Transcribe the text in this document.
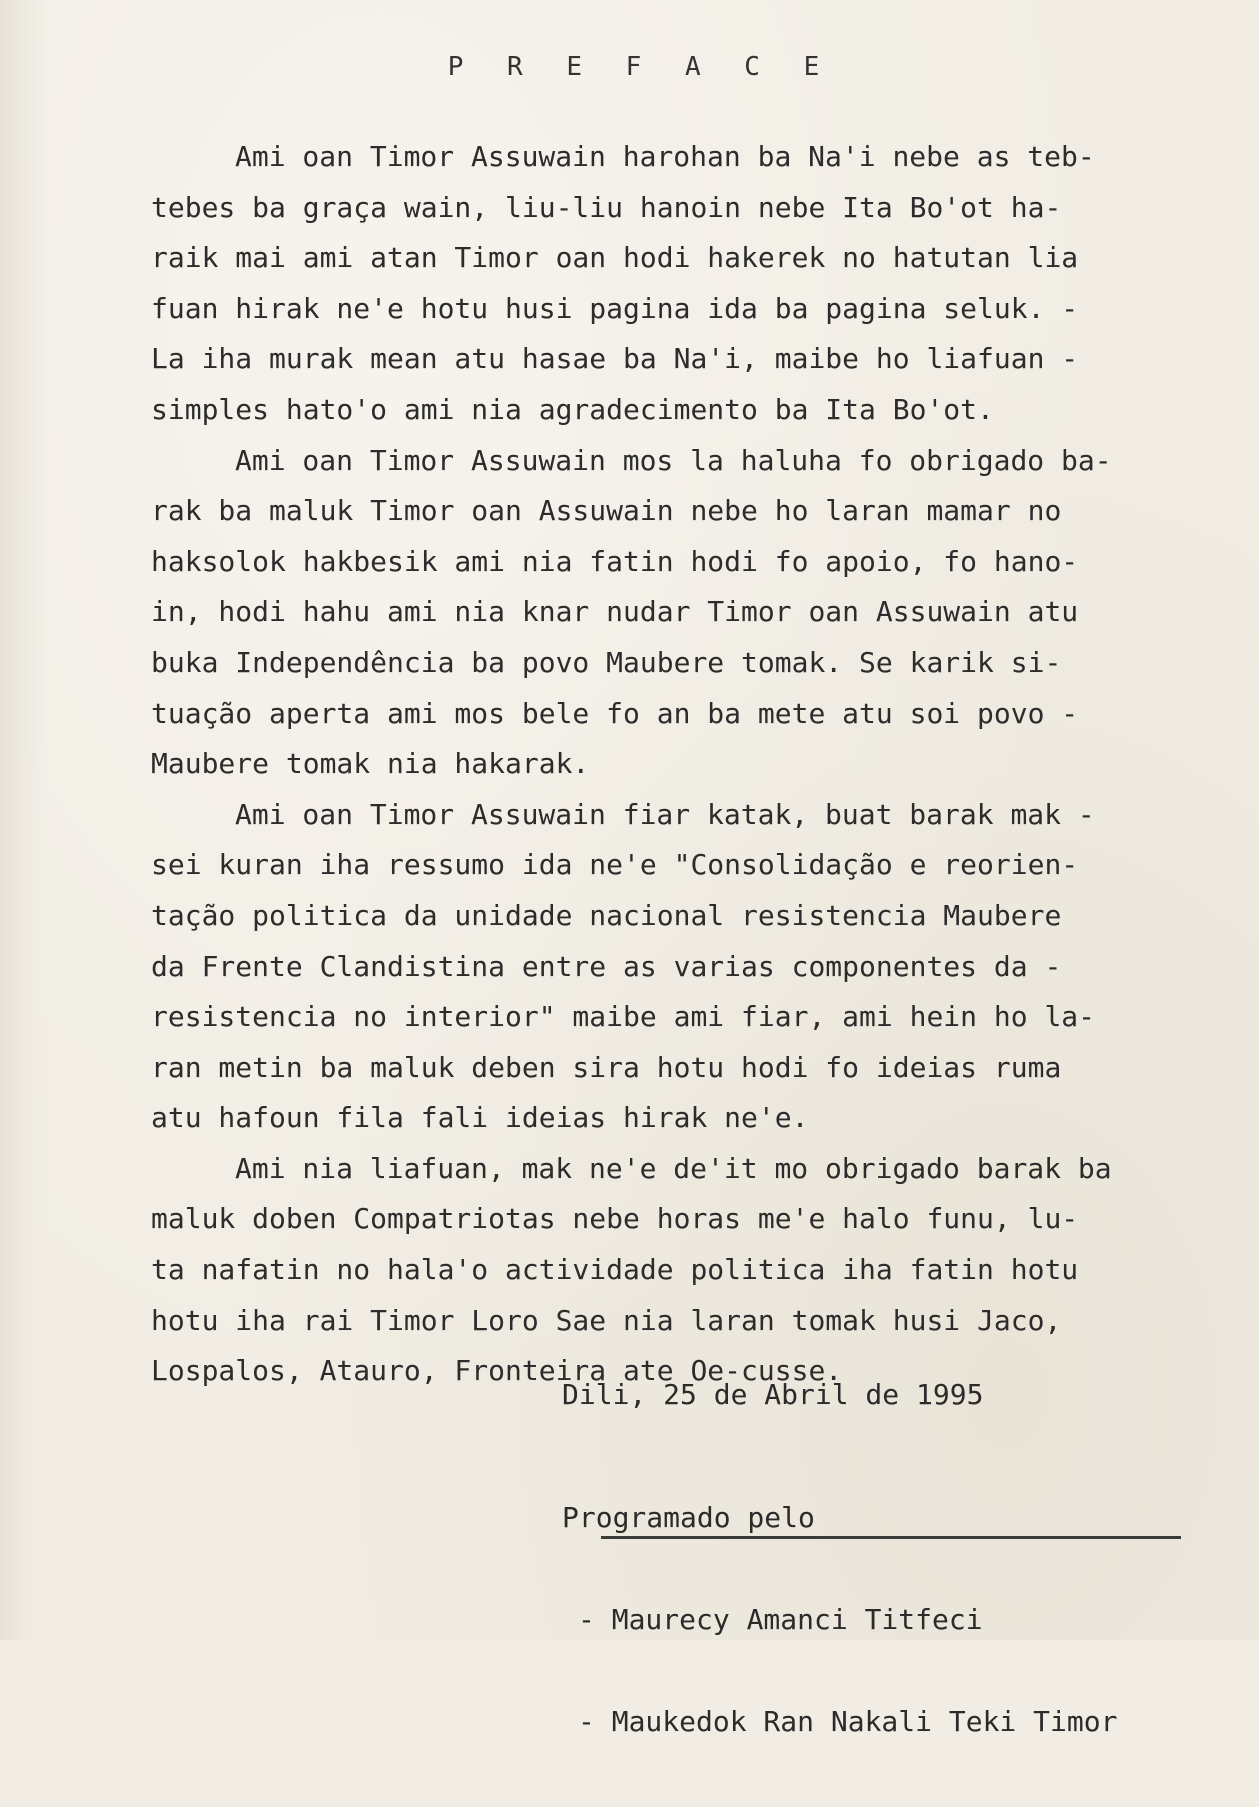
P R E F A C E
Ami oan Timor Assuwain harohan ba Na'i nebe as teb-
tebes ba graça wain, liu-liu hanoin nebe Ita Bo'ot ha-
raik mai ami atan Timor oan hodi hakerek no hatutan lia
fuan hirak ne'e hotu husi pagina ida ba pagina seluk. -
La iha murak mean atu hasae ba Na'i, maibe ho liafuan -
simples hato'o ami nia agradecimento ba Ita Bo'ot.
Ami oan Timor Assuwain mos la haluha fo obrigado ba-
rak ba maluk Timor oan Assuwain nebe ho laran mamar no
haksolok hakbesik ami nia fatin hodi fo apoio, fo hano-
in, hodi hahu ami nia knar nudar Timor oan Assuwain atu
buka Independência ba povo Maubere tomak. Se karik si-
tuação aperta ami mos bele fo an ba mete atu soi povo -
Maubere tomak nia hakarak.
Ami oan Timor Assuwain fiar katak, buat barak mak -
sei kuran iha ressumo ida ne'e "Consolidação e reorien-
tação politica da unidade nacional resistencia Maubere
da Frente Clandistina entre as varias componentes da -
resistencia no interior" maibe ami fiar, ami hein ho la-
ran metin ba maluk deben sira hotu hodi fo ideias ruma
atu hafoun fila fali ideias hirak ne'e.
Ami nia liafuan, mak ne'e de'it mo obrigado barak ba
maluk doben Compatriotas nebe horas me'e halo funu, lu-
ta nafatin no hala'o actividade politica iha fatin hotu
hotu iha rai Timor Loro Sae nia laran tomak husi Jaco,
Lospalos, Atauro, Fronteira ate Oe-cusse.
Dili, 25 de Abril de 1995

Programado pelo

- Maurecy Amanci Titfeci

- Maukedok Ran Nakali Teki Timor
